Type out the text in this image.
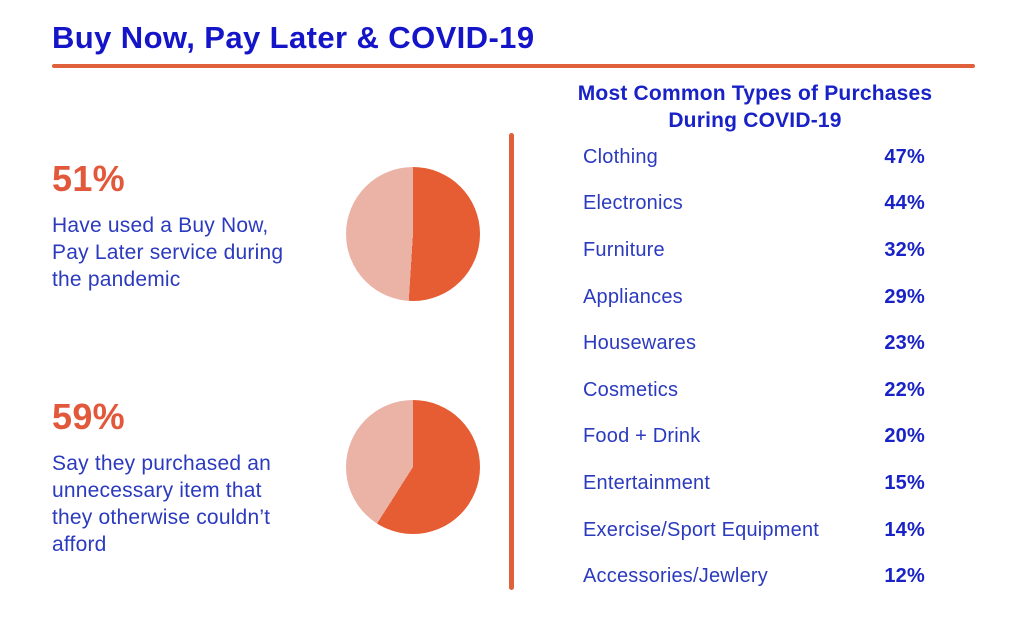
Buy Now, Pay Later & COVID-19
51%
Have used a Buy Now, Pay Later service during the pandemic
59%
Say they purchased an unnecessary item that they otherwise couldn’t afford
Most Common Types of Purchases During COVID-19
Clothing	47%
Electronics	44%
Furniture	32%
Appliances	29%
Housewares	23%
Cosmetics	22%
Food + Drink	20%
Entertainment	15%
Exercise/Sport Equipment	14%
Accessories/Jewlery	12%
